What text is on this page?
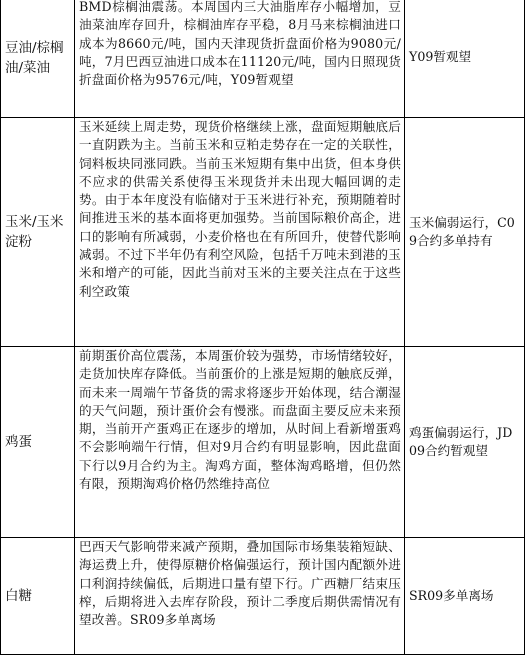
豆油/棕榈油/菜油	BMD棕榈油震荡。本周国内三大油脂库存小幅增加，豆油菜油库存回升，棕榈油库存平稳，8月马来棕榈油进口成本为8660元/吨，国内天津现货折盘面价格为9080元/吨，7月巴西豆油进口成本在11120元/吨，国内日照现货折盘面价格为9576元/吨，Y09暂观望	Y09暂观望
玉米/玉米淀粉	玉米延续上周走势，现货价格继续上涨，盘面短期触底后一直阴跌为主。当前玉米和豆粕走势存在一定的关联性，饲料板块同涨同跌。当前玉米短期有集中出货，但本身供不应求的供需关系使得玉米现货并未出现大幅回调的走势。由于本年度没有临储对于玉米进行补充，预期随着时间推进玉米的基本面将更加强势。当前国际粮价高企，进口的影响有所减弱，小麦价格也在有所回升，使替代影响减弱。不过下半年仍有利空风险，包括千万吨未到港的玉米和增产的可能，因此当前对玉米的主要关注点在于这些利空政策	玉米偏弱运行，C09合约多单持有
鸡蛋	前期蛋价高位震荡，本周蛋价较为强势，市场情绪较好，走货加快库存降低。当前蛋价的上涨是短期的触底反弹，而未来一周端午节备货的需求将逐步开始体现，结合潮湿的天气问题，预计蛋价会有慢涨。而盘面主要反应未来预期，当前开产蛋鸡正在逐步的增加，从时间上看新增蛋鸡不会影响端午行情，但对9月合约有明显影响，因此盘面下行以9月合约为主。淘鸡方面，整体淘鸡略增，但仍然有限，预期淘鸡价格仍然维持高位	鸡蛋偏弱运行，JD09合约暂观望
白糖	巴西天气影响带来减产预期，叠加国际市场集装箱短缺、海运费上升，使得原糖价格偏强运行，预计国内配额外进口利润持续偏低，后期进口量有望下行。广西糖厂结束压榨，后期将进入去库存阶段，预计二季度后期供需情况有望改善。SR09多单离场	SR09多单离场
